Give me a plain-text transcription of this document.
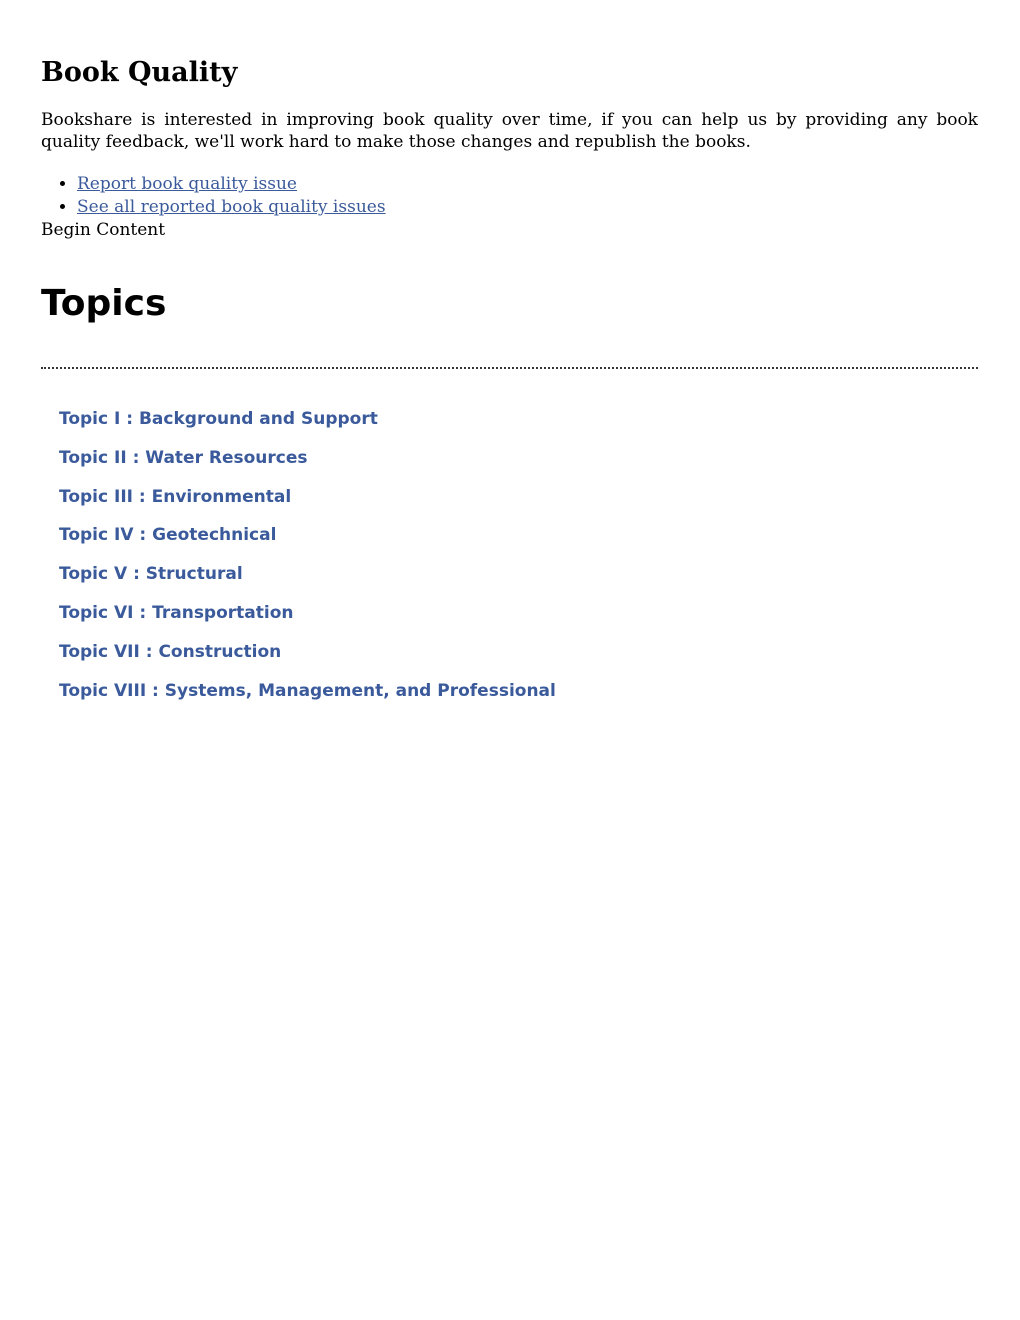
Book Quality

Bookshare is interested in improving book quality over time, if you can help us by providing any book quality feedback, we'll work hard to make those changes and republish the books.

• Report book quality issue
• See all reported book quality issues
Begin Content
Topics
Topic I : Background and Support
Topic II : Water Resources
Topic III : Environmental
Topic IV : Geotechnical
Topic V : Structural
Topic VI : Transportation
Topic VII : Construction
Topic VIII : Systems, Management, and Professional
